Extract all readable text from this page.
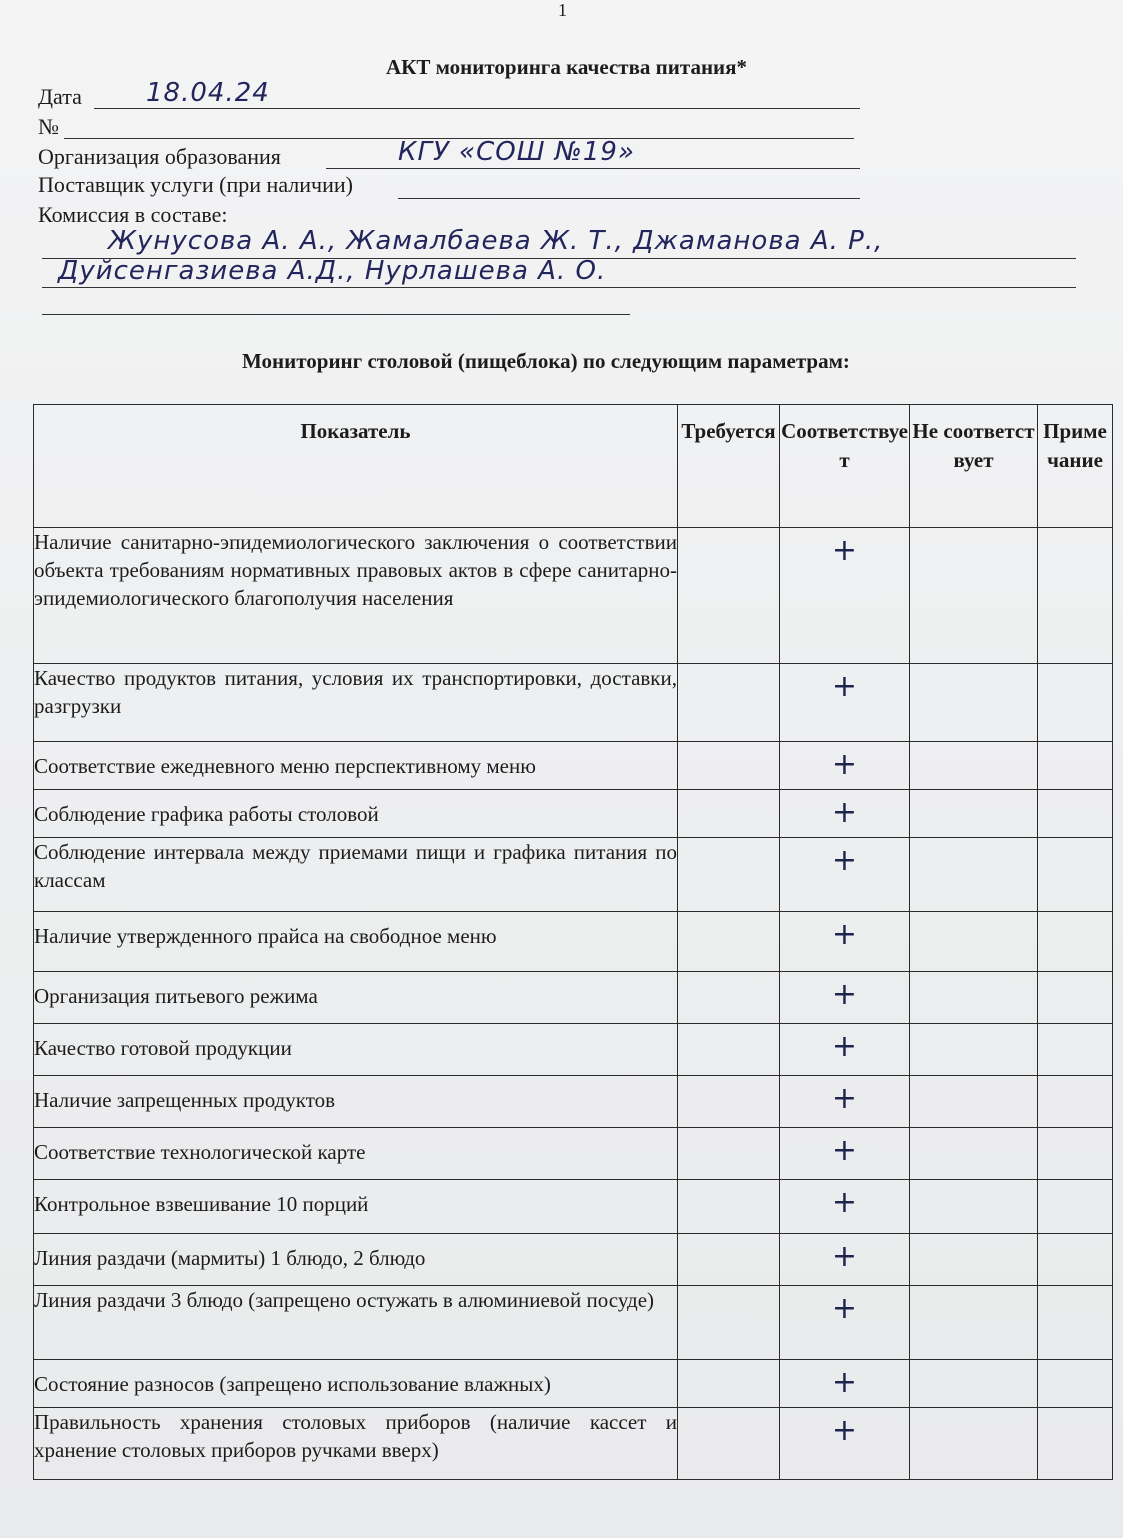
1
АКТ мониторинга качества питания*
Дата 18.04.24
№
Организация образования	КГУ «СОШ №19»
Поставщик услуги (при наличии)
Комиссия в составе:
Жунусова А. А., Жамалбаева Ж. Т., Джаманова А. Р.,
Дуйсенгазиева А.Д., Нурлашева А. О.
Мониторинг столовой (пищеблока) по следующим параметрам:
Показатель	Требуется	Соответствует	Не соответствует	Примечание
Наличие санитарно-эпидемиологического заключения о соответствии объекта требованиям нормативных правовых актов в сфере санитарно-эпидемиологического благополучия населения		+		
Качество продуктов питания, условия их транспортировки, доставки, разгрузки		+		
Соответствие ежедневного меню перспективному меню		+		
Соблюдение графика работы столовой		+		
Соблюдение интервала между приемами пищи и графика питания по классам		+		
Наличие утвержденного прайса на свободное меню		+		
Организация питьевого режима		+		
Качество готовой продукции		+		
Наличие запрещенных продуктов		+		
Соответствие технологической карте		+		
Контрольное взвешивание 10 порций		+		
Линия раздачи (мармиты) 1 блюдо, 2 блюдо		+		
Линия раздачи 3 блюдо (запрещено остужать в алюминиевой посуде)		+		
Состояние разносов (запрещено использование влажных)		+		
Правильность хранения столовых приборов (наличие кассет и хранение столовых приборов ручками вверх)		+		
